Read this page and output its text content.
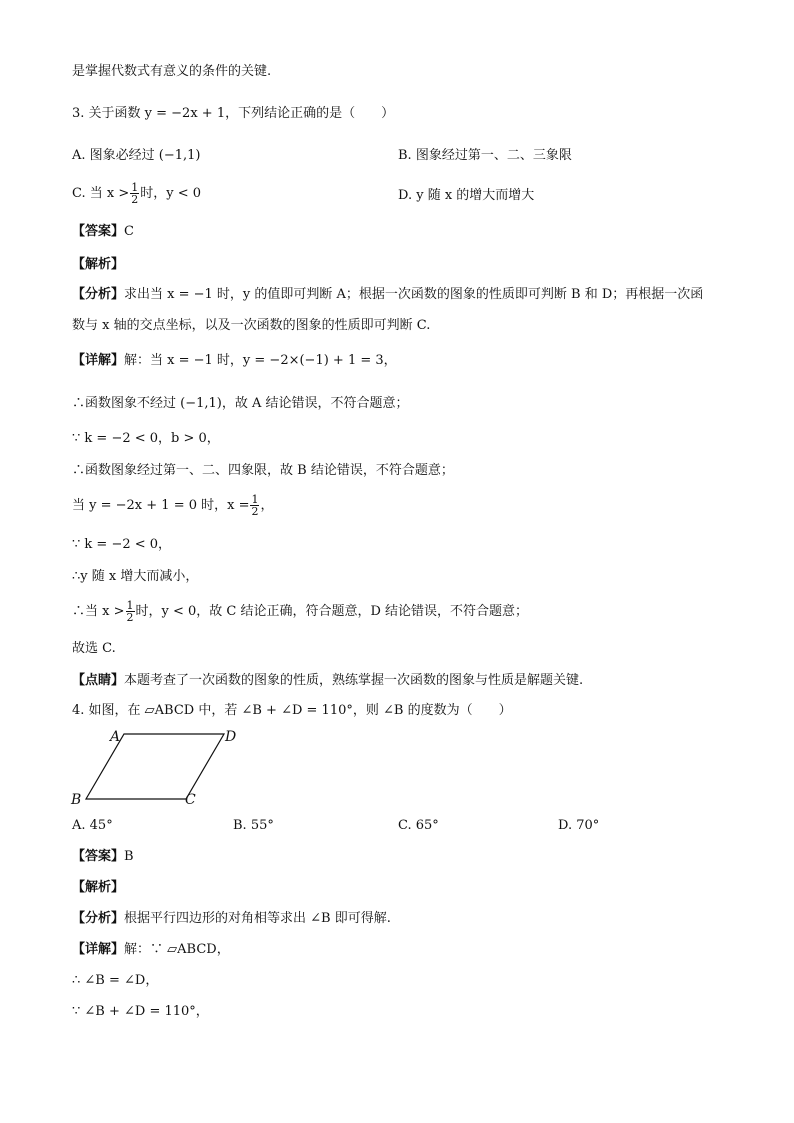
是掌握代数式有意义的条件的关键.
3. 关于函数 y = −2x + 1，下列结论正确的是（　　）
A. 图象必经过 (−1,1)	B. 图象经过第一、二、三象限
C. 当 $x > \frac{1}{2}$ 时，y < 0	D. y 随 x 的增大而增大
【答案】C
【解析】
【分析】求出当 x = −1 时，y 的值即可判断 A；根据一次函数的图象的性质即可判断 B 和 D；再根据一次函
数与 x 轴的交点坐标，以及一次函数的图象的性质即可判断 C.
【详解】解：当 x = −1 时，y = −2×(−1) + 1 = 3，
∴函数图象不经过 (−1,1)，故 A 结论错误，不符合题意；
∵ k = −2 < 0，b > 0，
∴函数图象经过第一、二、四象限，故 B 结论错误，不符合题意；
当 y = −2x + 1 = 0 时，$x = \frac{1}{2}$ ，
∵ k = −2 < 0，
∴y 随 x 增大而减小，
∴当 $x > \frac{1}{2}$ 时，y < 0，故 C 结论正确，符合题意，D 结论错误，不符合题意；
故选 C.
【点睛】本题考查了一次函数的图象的性质，熟练掌握一次函数的图象与性质是解题关键.
4. 如图，在 ▱ABCD 中，若 ∠B + ∠D = 110°，则 ∠B 的度数为（　　）
A	D
B	C
A. 45°	B. 55°	C. 65°	D. 70°
【答案】B
【解析】
【分析】根据平行四边形的对角相等求出 ∠B 即可得解.
【详解】解：∵ ▱ABCD，
∴ ∠B = ∠D，
∵ ∠B + ∠D = 110°，
